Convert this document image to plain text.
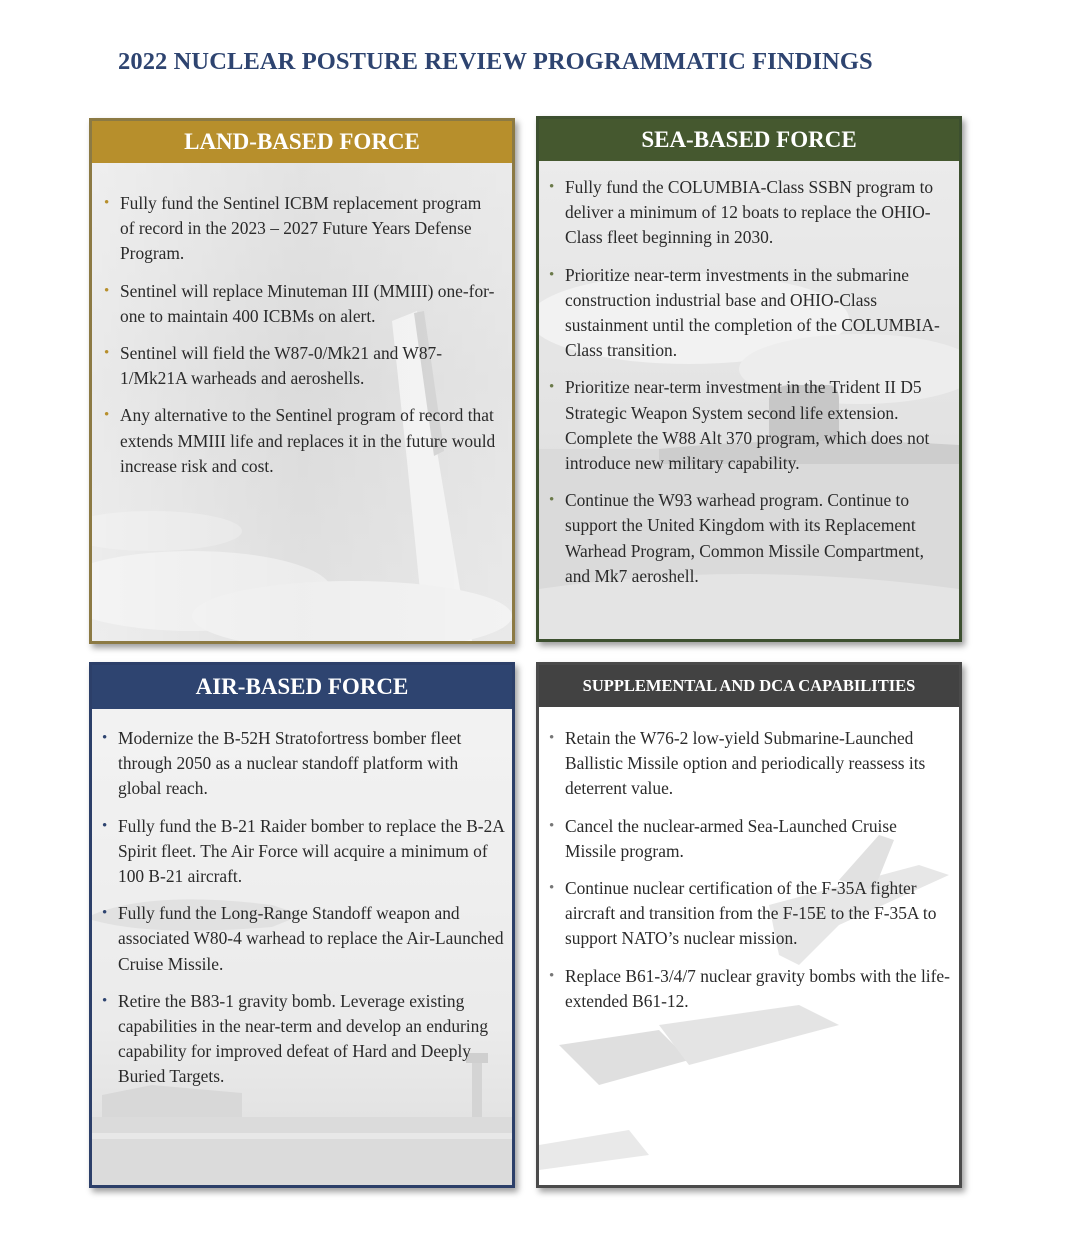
2022 NUCLEAR POSTURE REVIEW PROGRAMMATIC FINDINGS
LAND-BASED FORCE
• Fully fund the Sentinel ICBM replacement program of record in the 2023 – 2027 Future Years Defense Program.
• Sentinel will replace Minuteman III (MMIII) one-for-one to maintain 400 ICBMs on alert.
• Sentinel will field the W87-0/Mk21 and W87-1/Mk21A warheads and aeroshells.
• Any alternative to the Sentinel program of record that extends MMIII life and replaces it in the future would increase risk and cost.
SEA-BASED FORCE
• Fully fund the COLUMBIA-Class SSBN program to deliver a minimum of 12 boats to replace the OHIO-Class fleet beginning in 2030.
• Prioritize near-term investments in the submarine construction industrial base and OHIO-Class sustainment until the completion of the COLUMBIA-Class transition.
• Prioritize near-term investment in the Trident II D5 Strategic Weapon System second life extension. Complete the W88 Alt 370 program, which does not introduce new military capability.
• Continue the W93 warhead program. Continue to support the United Kingdom with its Replacement Warhead Program, Common Missile Compartment, and Mk7 aeroshell.
AIR-BASED FORCE
• Modernize the B-52H Stratofortress bomber fleet through 2050 as a nuclear standoff platform with global reach.
• Fully fund the B-21 Raider bomber to replace the B-2A Spirit fleet. The Air Force will acquire a minimum of 100 B-21 aircraft.
• Fully fund the Long-Range Standoff weapon and associated W80-4 warhead to replace the Air-Launched Cruise Missile.
• Retire the B83-1 gravity bomb. Leverage existing capabilities in the near-term and develop an enduring capability for improved defeat of Hard and Deeply Buried Targets.
SUPPLEMENTAL AND DCA CAPABILITIES
• Retain the W76-2 low-yield Submarine-Launched Ballistic Missile option and periodically reassess its deterrent value.
• Cancel the nuclear-armed Sea-Launched Cruise Missile program.
• Continue nuclear certification of the F-35A fighter aircraft and transition from the F-15E to the F-35A to support NATO’s nuclear mission.
• Replace B61-3/4/7 nuclear gravity bombs with the life-extended B61-12.
